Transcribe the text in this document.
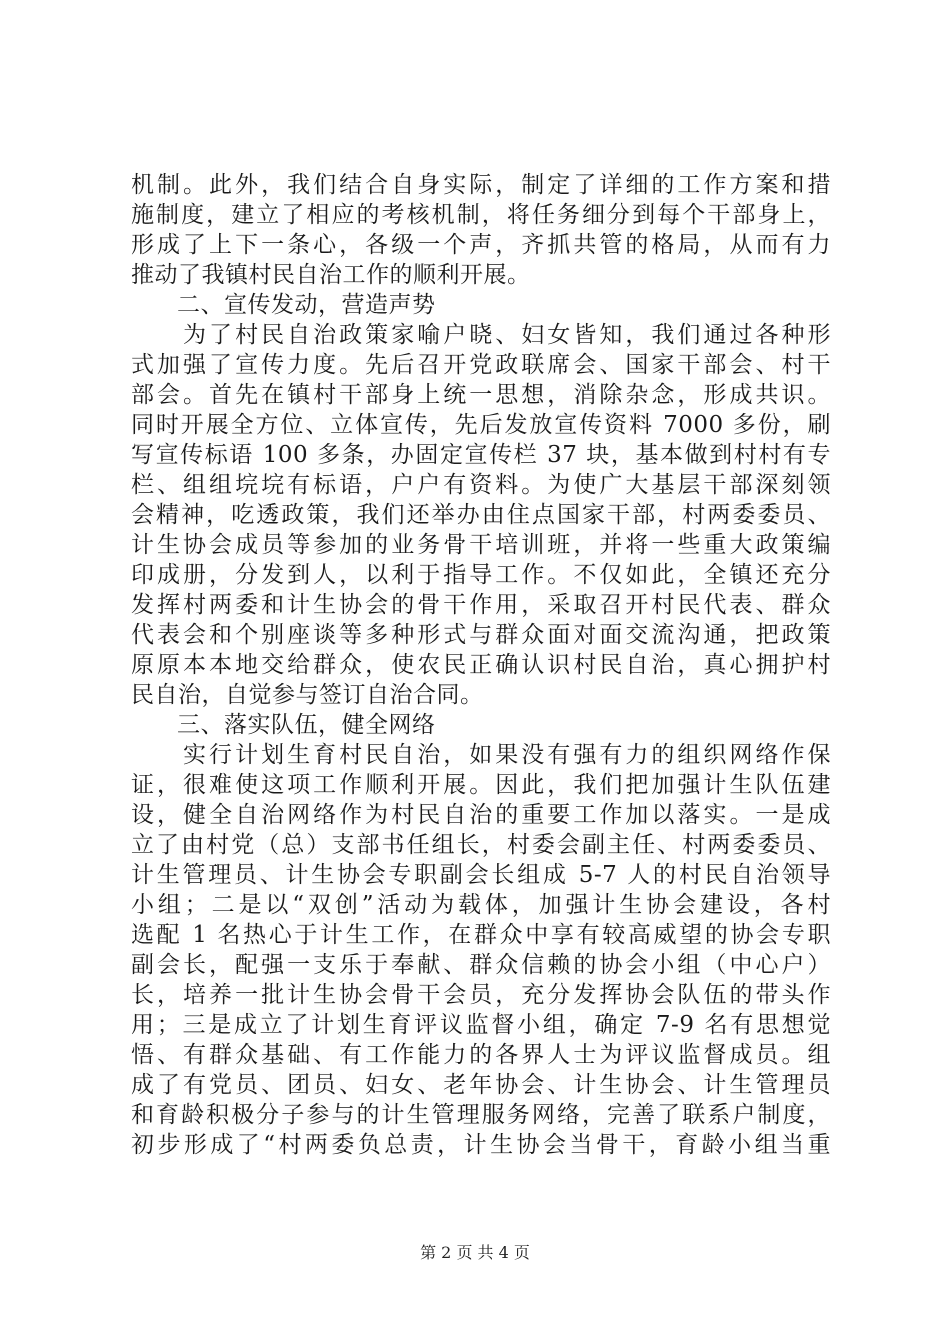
机制。此外，我们结合自身实际，制定了详细的工作方案和措
施制度，建立了相应的考核机制，将任务细分到每个干部身上，
形成了上下一条心，各级一个声，齐抓共管的格局，从而有力
推动了我镇村民自治工作的顺利开展。
二、宣传发动，营造声势
　　为了村民自治政策家喻户晓、妇女皆知，我们通过各种形
式加强了宣传力度。先后召开党政联席会、国家干部会、村干
部会。首先在镇村干部身上统一思想，消除杂念，形成共识。
同时开展全方位、立体宣传，先后发放宣传资料 7000 多份，刷
写宣传标语 100 多条，办固定宣传栏 37 块，基本做到村村有专
栏、组组垸垸有标语，户户有资料。为使广大基层干部深刻领
会精神，吃透政策，我们还举办由住点国家干部，村两委委员、
计生协会成员等参加的业务骨干培训班，并将一些重大政策编
印成册，分发到人，以利于指导工作。不仅如此，全镇还充分
发挥村两委和计生协会的骨干作用，采取召开村民代表、群众
代表会和个别座谈等多种形式与群众面对面交流沟通，把政策
原原本本地交给群众，使农民正确认识村民自治，真心拥护村
民自治，自觉参与签订自治合同。
三、落实队伍，健全网络
　　实行计划生育村民自治，如果没有强有力的组织网络作保
证，很难使这项工作顺利开展。因此，我们把加强计生队伍建
设，健全自治网络作为村民自治的重要工作加以落实。一是成
立了由村党（总）支部书任组长，村委会副主任、村两委委员、
计生管理员、计生协会专职副会长组成 5-7 人的村民自治领导
小组；二是以“双创”活动为载体，加强计生协会建设，各村
选配 1 名热心于计生工作，在群众中享有较高威望的协会专职
副会长，配强一支乐于奉献、群众信赖的协会小组（中心户）
长，培养一批计生协会骨干会员，充分发挥协会队伍的带头作
用；三是成立了计划生育评议监督小组，确定 7-9 名有思想觉
悟、有群众基础、有工作能力的各界人士为评议监督成员。组
成了有党员、团员、妇女、老年协会、计生协会、计生管理员
和育龄积极分子参与的计生管理服务网络，完善了联系户制度，
初步形成了“村两委负总责，计生协会当骨干，育龄小组当重
第 2 页 共 4 页
